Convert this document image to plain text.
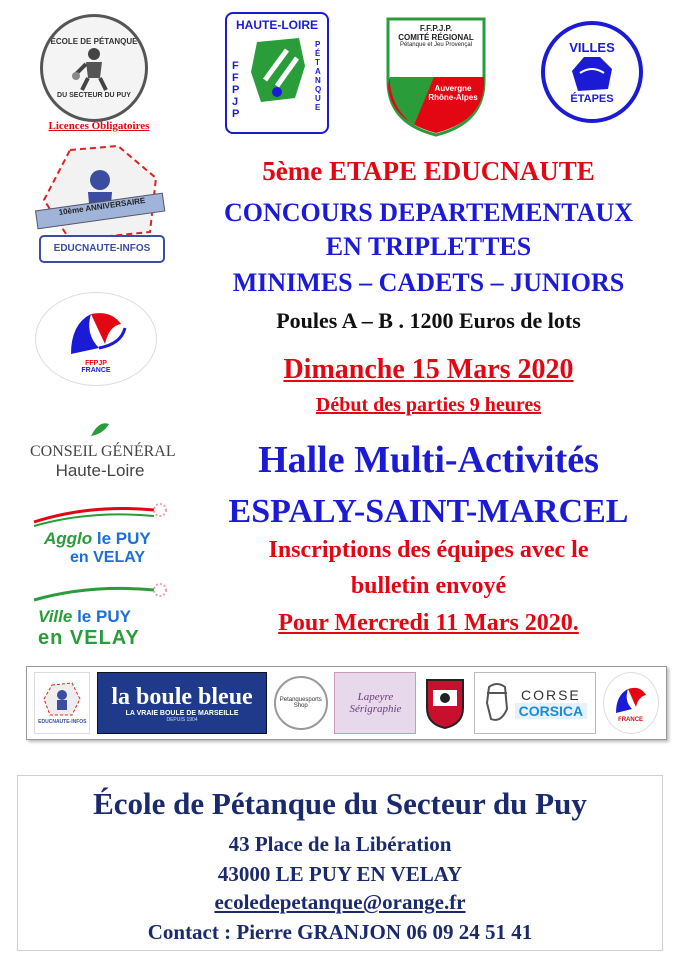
ÉCOLE DE PÉTANQUE
DU SECTEUR DU PUY
Licences Obligatoires
HAUTE-LOIRE
FFPJP
PÉTANQUE
F.F.P.J.P.
COMITÉ RÉGIONAL
Pétanque et Jeu Provençal
Auvergne Rhône-Alpes
VILLES
ÉTAPES
10ème ANNIVERSAIRE
EDUCNAUTE-INFOS
FFPJP
FRANCE
CONSEIL GÉNÉRAL
Haute-Loire
Agglo le PUY
en VELAY
Ville le PUY
en VELAY
5ème ETAPE EDUCNAUTE
CONCOURS DEPARTEMENTAUX
EN TRIPLETTES
MINIMES – CADETS – JUNIORS
Poules A – B . 1200 Euros de lots
Dimanche 15 Mars 2020
Début des parties 9 heures
Halle Multi-Activités
ESPALY-SAINT-MARCEL
Inscriptions des équipes avec le
bulletin envoyé
Pour Mercredi 11 Mars 2020.
EDUCNAUTE-INFOS
la boule bleue
LA VRAIE BOULE DE MARSEILLE
DEPUIS 1904
Petanquesports Shop
Lapeyre Sérigraphie
CORSE
CORSICA
FRANCE
École de Pétanque du Secteur du Puy
43 Place de la Libération
43000 LE PUY EN VELAY
ecoledepetanque@orange.fr
Contact : Pierre GRANJON 06 09 24 51 41
